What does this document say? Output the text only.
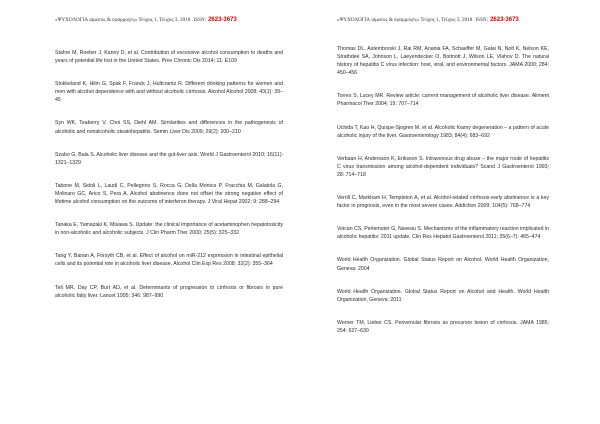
«ΨΥΧΟΛΟΓΙΑ ιάματος & εφαρμογές» Τεύχος 1, Τεύχος 3, 2018 ISSN: 2623-3673

Stahre M, Roeber J, Kanny D, et al. Contribution of excessive alcohol consumption to deaths and years of potential life lost in the United States. Prev Chronic Dis 2014; 11: E109

Stokkeland K, Hilm G, Spak F, Franck J, Hultcrantz R. Different drinking patterns for women and men with alcohol dependence with and without alcoholic cirrhosis. Alcohol Alcohol 2008; 43(1): 39–45

Syn WK, Teaberry V, Choi SS, Diehl AM. Similarities and differences in the pathogenesis of alcoholic and nonalcoholic steatohepatitis. Semin Liver Dis 2009; 29(2): 200–210

Szabo G, Bala S. Alcoholic liver disease and the gut-liver axis. World J Gastroenterol 2010; 16(11): 1321–1329

Tabone M, Sidoli L, Laudi C, Pellegrino S, Rocca G, Della Monica P, Fracchia M, Galatola G, Molinaro GC, Arico S, Pera A. Alcohol abstinence does not offset the strong negative effect of lifetime alcohol consumption on the outcome of interferon therapy. J Viral Hepat 2002; 9: 288–294

Tanaka E, Yamazaki K, Misawa S. Update: the clinical importance of acetaminophen hepatotoxicity in non-alcoholic and alcoholic subjects. J Clin Pharm Ther 2000; 25(5): 325–332

Tang Y, Banan A, Forsyth CB, et al. Effect of alcohol on miR-212 expression in intestinal epithelial cells and its potential role in alcoholic liver disease. Alcohol Clin Exp Res 2008; 32(2): 355–364

Teli MR, Day CP, Burt AD, et al. Determinants of progression to cirrhosis or fibrosis in pure alcoholic fatty liver. Lancet 1995; 346: 987–990

«ΨΥΧΟΛΟΓΙΑ ιάματος & εφαρμογές» Τεύχος 1, Τεύχος 3, 2018 ISSN: 2623-3673

Thomas DL, Astemborski J, Rai RM, Anania FA, Schaeffer M, Galai N, Nolt K, Nelson KE, Strathdee SA, Johnson L, Laeyendecker O, Boitnott J, Wilson LE, Vlahov D. The natural history of hepatitis C virus infection: host, viral, and environmental factors. JAMA 2000; 284: 450–456

Torres S, Lucey MR. Review article: current management of alcoholic liver disease. Aliment Pharmacol Ther 2004; 19: 707–714

Uchida T, Kao H, Quispe-Sjogren M, et al. Alcoholic foamy degeneration – a pattern of acute alcoholic injury of the liver. Gastroenterology 1983; 84(4): 683–692

Verbaan H, Andersson K, Eriksson S. Intravenous drug abuse – the major route of hepatitis C virus transmission among alcohol-dependent individuals? Scand J Gastroenterol 1993; 28: 714–718

Verrill C, Markham H, Templeton A, et al. Alcohol-related cirrhosis-early abstinence is a key factor in prognosis, even in the most severe cases. Addiction 2009; 104(5): 768–774

Voican CS, Perlemuter G, Naveau S. Mechanisms of the inflammatory reaction implicated in alcoholic hepatitis: 2011 update. Clin Res Hepatol Gastroenterol 2011; 35(6–7): 465–474

World Health Organization. Global Status Report on Alcohol. World Health Organization, Geneva: 2004

World Health Organization. Global Status Report on Alcohol and Health. World Health Organization, Geneva: 2011

Worner TM, Lieber CS. Perivenular fibrosis as precursor lesion of cirrhosis. JAMA 1985; 254: 627–630
